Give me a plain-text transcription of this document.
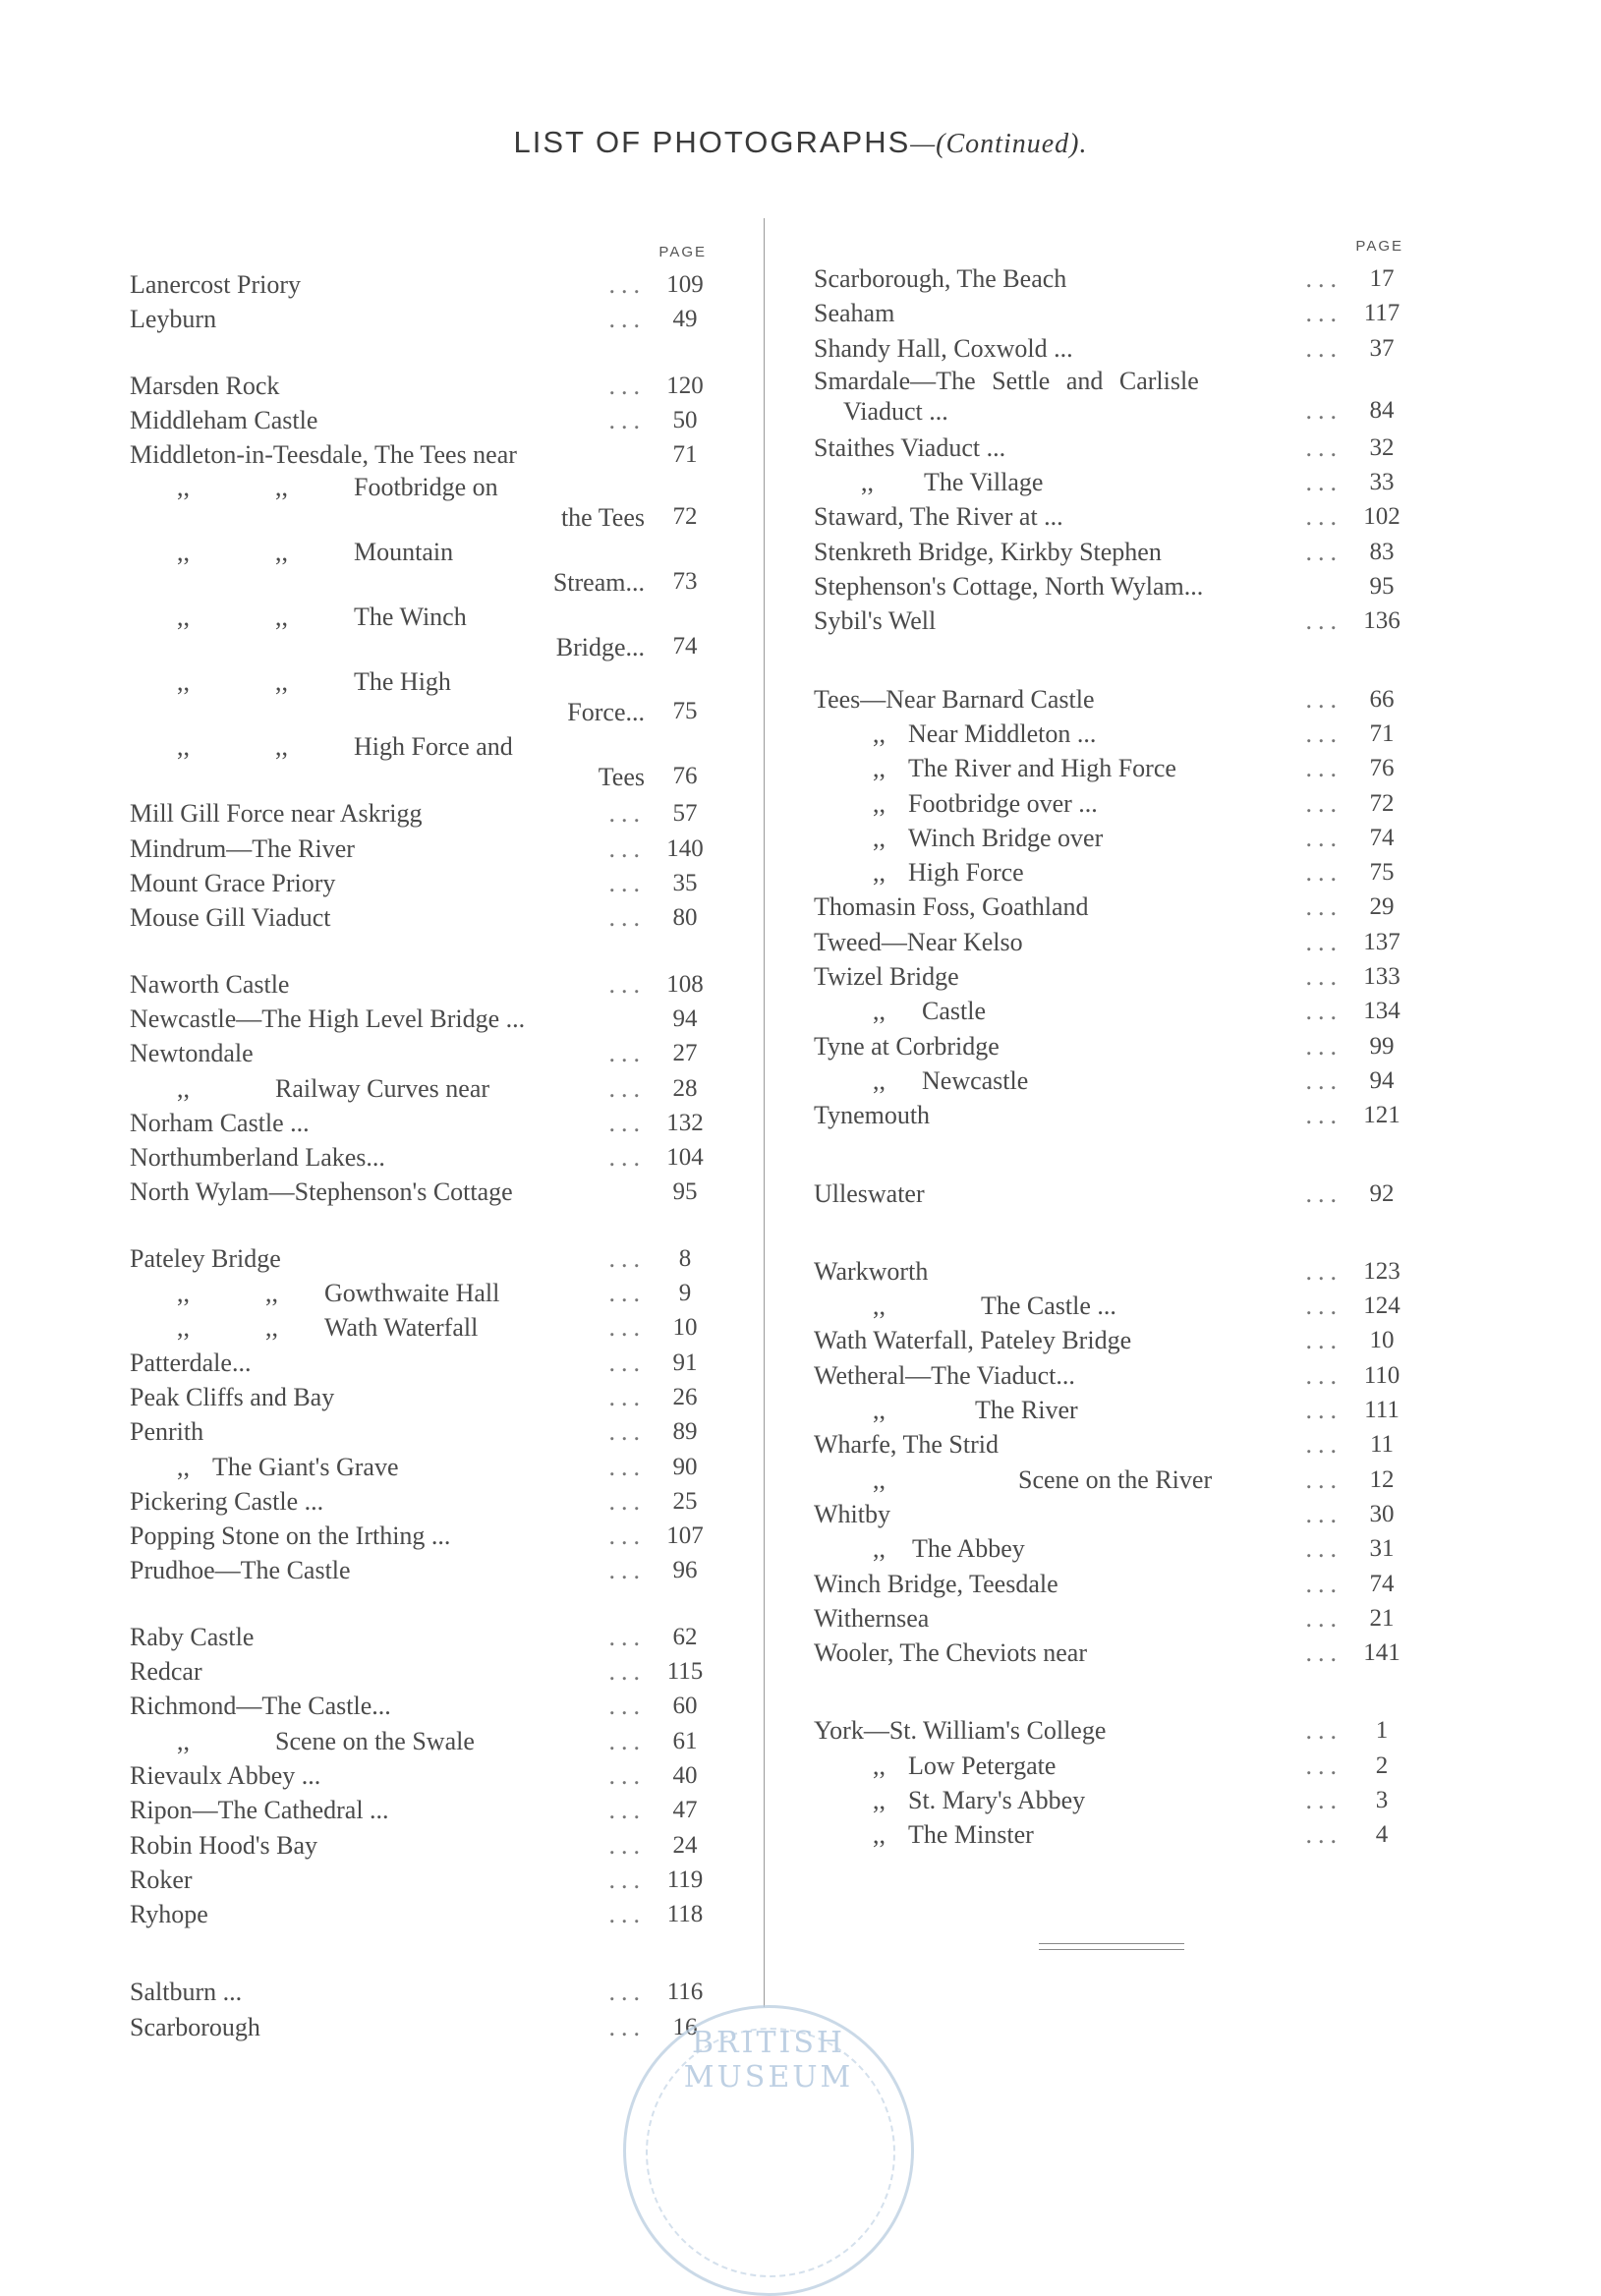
LIST OF PHOTOGRAPHS—(Continued).
PAGE
Lanercost Priory	... 109
Leyburn	...	49
Marsden Rock	... 120
Middleham Castle	...	50
Middleton-in-Teesdale, The Tees near	71
,,	,,	Footbridge on
the Tees	72
,,	,,	Mountain
Stream...	73
,,	,,	The Winch
Bridge...	74
,,	,,	The High
Force...	75
,,	,,	High Force and
Tees	76
Mill Gill Force near Askrigg	...	57
Mindrum—The River	... 140
Mount Grace Priory	...	35
Mouse Gill Viaduct	...	80
Naworth Castle	... 108
Newcastle—The High Level Bridge ...	94
Newtondale	...	27
,,	Railway Curves near	...	28
Norham Castle ...	... 132
Northumberland Lakes...	... 104
North Wylam—Stephenson's Cottage	95
Pateley Bridge	...	8
,,	,, Gowthwaite Hall	...	9
,,	,, Wath Waterfall	...	10
Patterdale...	...	91
Peak Cliffs and Bay	...	26
Penrith	...	89
,, The Giant's Grave	...	90
Pickering Castle ...	...	25
Popping Stone on the Irthing ...	... 107
Prudhoe—The Castle	...	96
Raby Castle	...	62
Redcar	... 115
Richmond—The Castle...	...	60
,,	Scene on the Swale	...	61
Rievaulx Abbey ...	...	40
Ripon—The Cathedral ...	...	47
Robin Hood's Bay	...	24
Roker	... 119
Ryhope	... 118
Saltburn ...	... 116
Scarborough	...	16
PAGE
Scarborough, The Beach	...	17
Seaham	... 117
Shandy Hall, Coxwold ...	...	37
Smardale—The Settle and Carlisle
Viaduct ...	...	84
Staithes Viaduct ...	...	32
,, The Village	...	33
Staward, The River at ...	... 102
Stenkreth Bridge, Kirkby Stephen	...	83
Stephenson's Cottage, North Wylam...	95
Sybil's Well	... 136
Tees—Near Barnard Castle	...	66
,, Near Middleton ...	...	71
,, The River and High Force	...	76
,, Footbridge over ...	...	72
,, Winch Bridge over	...	74
,, High Force	...	75
Thomasin Foss, Goathland	...	29
Tweed—Near Kelso	... 137
Twizel Bridge	... 133
,, Castle	... 134
Tyne at Corbridge	...	99
,, Newcastle	...	94
Tynemouth	... 121
Ulleswater	...	92
Warkworth	... 123
,,	The Castle ...	... 124
Wath Waterfall, Pateley Bridge	...	10
Wetheral—The Viaduct...	... 110
,,	The River	... 111
Wharfe, The Strid	...	11
,,	Scene on the River	...	12
Whitby	...	30
,, The Abbey	...	31
Winch Bridge, Teesdale	...	74
Withernsea	...	21
Wooler, The Cheviots near	... 141
York—St. William's College	...	1
,, Low Petergate	...	2
,, St. Mary's Abbey	...	3
,, The Minster	...	4
BRITISH MUSEUM
